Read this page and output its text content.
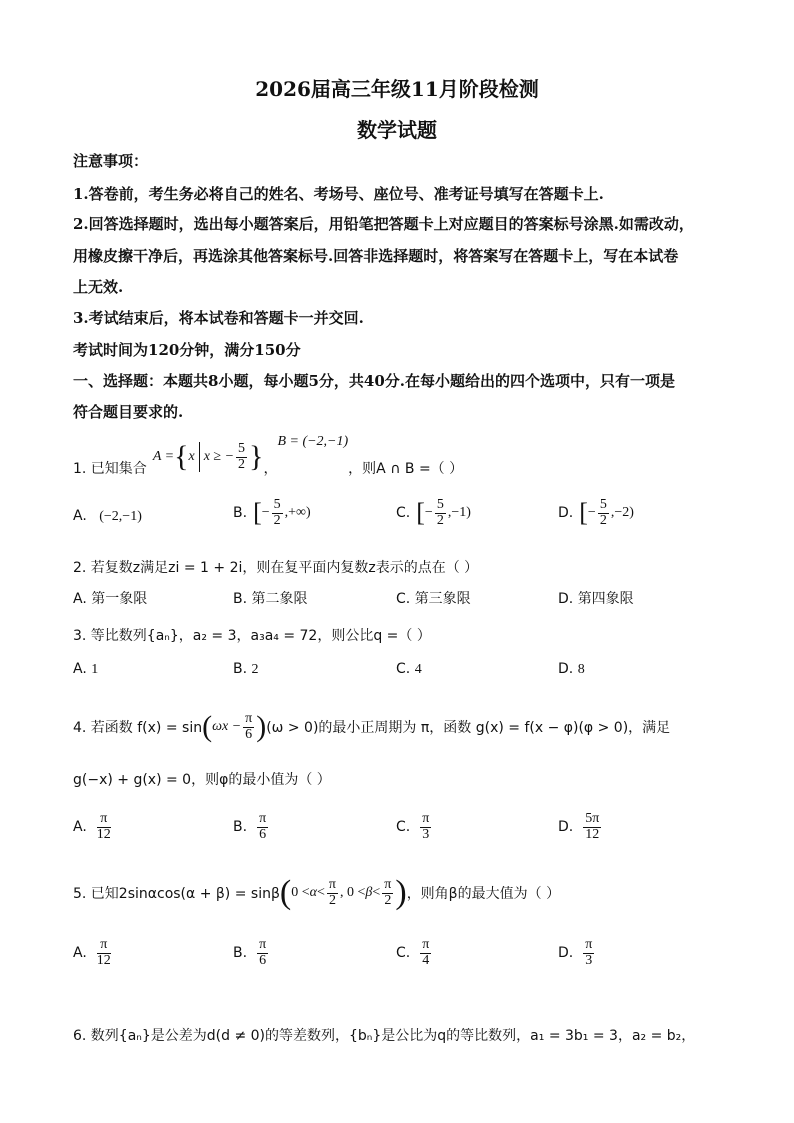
2026届高三年级11月阶段检测
数学试题
注意事项：
1.答卷前，考生务必将自己的姓名、考场号、座位号、准考证号填写在答题卡上.
2.回答选择题时，选出每小题答案后，用铅笔把答题卡上对应题目的答案标号涂黑.如需改动，
用橡皮擦干净后，再选涂其他答案标号.回答非选择题时，将答案写在答题卡上，写在本试卷
上无效.
3.考试结束后，将本试卷和答题卡一并交回.
考试时间为120分钟，满分150分
一、选择题：本题共8小题，每小题5分，共40分.在每小题给出的四个选项中，只有一项是
符合题目要求的.
1. 已知集合
A = { x x ≥ − $\frac{5}{2}$ } ，
B = (−2,−1)
，则A ∩ B =（ ）
A. (−2,−1)	B. [ − $\frac{5}{2}$ , +∞)	C. [ − $\frac{5}{2}$ , −1)	D. [ − $\frac{5}{2}$ , −2)
2. 若复数z满足zi = 1 + 2i，则在复平面内复数z表示的点在（ ）
A. 第一象限	B. 第二象限	C. 第三象限	D. 第四象限
3. 等比数列{aₙ}，a₂ = 3，a₃a₄ = 72，则公比q =（ ）
A. 1	B. 2	C. 4	D. 8
4. 若函数 f(x) = sin ( $\omega x - \frac{\pi}{6}$ ) (ω > 0)的最小正周期为 π，函数 g(x) = f(x − φ)(φ > 0)，满足
g(−x) + g(x) = 0，则φ的最小值为（ ）
A. $\frac{\pi}{12}$	B. $\frac{\pi}{6}$	C. $\frac{\pi}{3}$	D. $\frac{5\pi}{12}$
5. 已知2sinαcos(α + β) = sinβ ( $0 < \alpha < \frac{\pi}{2}$ , $0 < \beta < \frac{\pi}{2}$ ) ，则角β的最大值为（ ）
A. $\frac{\pi}{12}$	B. $\frac{\pi}{6}$	C. $\frac{\pi}{4}$	D. $\frac{\pi}{3}$
6. 数列{aₙ}是公差为d(d ≠ 0)的等差数列，{bₙ}是公比为q的等比数列，a₁ = 3b₁ = 3，a₂ = b₂，
